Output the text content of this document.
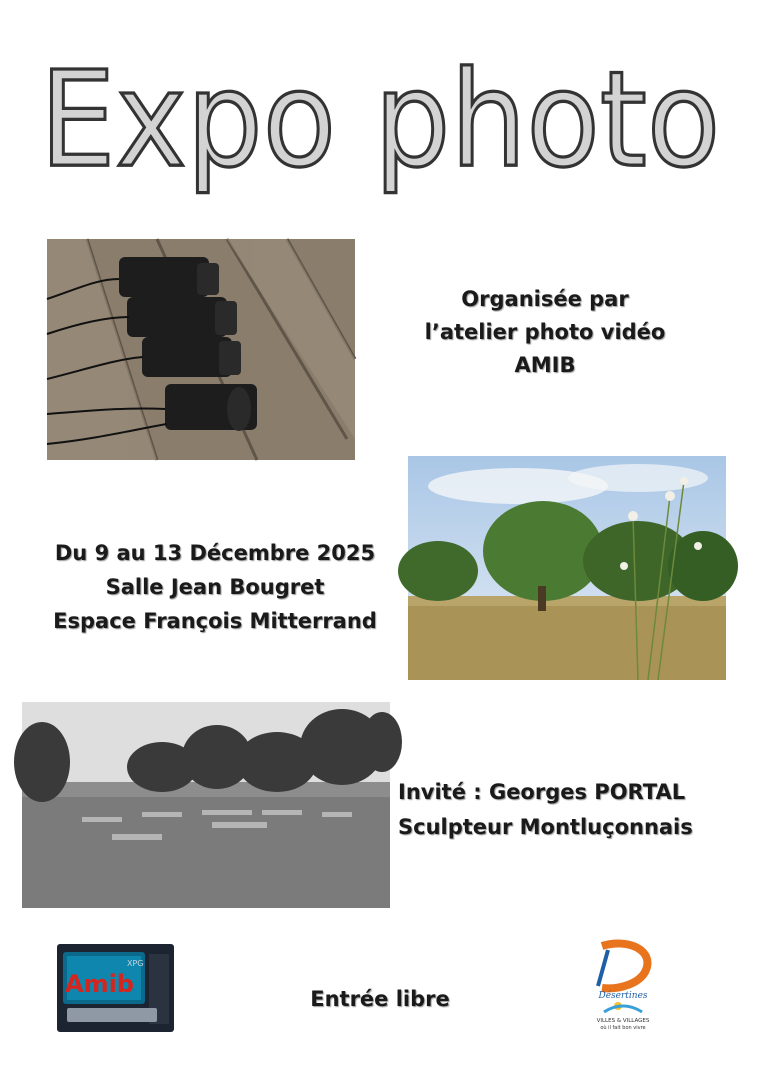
Expo photo
Organisée par
l’atelier photo vidéo
AMIB
Du 9 au 13 Décembre 2025
Salle Jean Bougret
Espace François Mitterrand
Invité : Georges PORTAL
Sculpteur Montluçonnais
XPG
Amib
Entrée libre	Désertines
VILLES & VILLAGES
où il fait bon vivre
